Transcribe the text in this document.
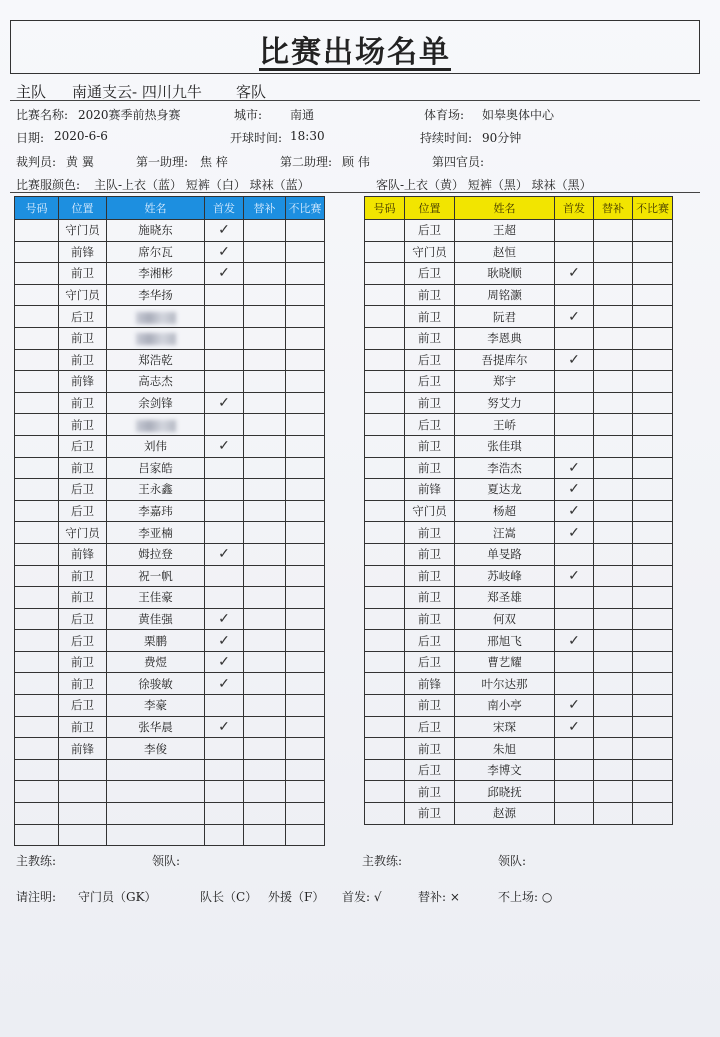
比赛出场名单
主队 南通支云- 四川九牛 客队
比赛名称: 2020赛季前热身赛	城市: 南通	体育场: 如皋奥体中心
日期: 2020-6-6	开球时间: 18:30	持续时间: 90分钟
裁判员: 黄 翼	第一助理: 焦 梓	第二助理: 顾 伟	第四官员:
比赛服颜色: 主队-上衣（蓝） 短裤（白） 球袜（蓝）	客队-上衣（黄） 短裤（黑） 球袜（黑）
号码	位置	姓名	首发	替补	不比赛
	守门员	施晓东	✓		
	前锋	席尔瓦	✓		
	前卫	李湘彬	✓		
	守门员	李华扬			
	后卫				
	前卫				
	前卫	郑浩乾			
	前锋	高志杰			
	前卫	余剑锋	✓		
	前卫				
	后卫	刘伟	✓		
	前卫	吕家皓			
	后卫	王永鑫			
	后卫	李嘉玮			
	守门员	李亚楠			
	前锋	姆拉登	✓		
	前卫	祝一帆			
	前卫	王佳豪			
	后卫	黄佳强	✓		
	后卫	栗鹏	✓		
	前卫	费煜	✓		
	前卫	徐骏敏	✓		
	后卫	李豪			
	前卫	张华晨	✓		
	前锋	李俊			

号码	位置	姓名	首发	替补	不比赛
	后卫	王超			
	守门员	赵恒			
	后卫	耿晓顺	✓		
	前卫	周铭灏			
	前卫	阮君	✓		
	前卫	李恩典			
	后卫	吾提库尔	✓		
	后卫	郑宇			
	前卫	努艾力			
	后卫	王峤			
	前卫	张佳琪			
	前卫	李浩杰	✓		
	前锋	夏达龙	✓		
	守门员	杨超	✓		
	前卫	汪嵩	✓		
	前卫	单旻路			
	前卫	苏岐峰	✓		
	前卫	郑圣雄			
	前卫	何双			
	后卫	邢旭飞	✓		
	后卫	曹艺耀			
	前锋	叶尔达那			
	前卫	南小亭	✓		
	后卫	宋琛	✓		
	前卫	朱旭			
	后卫	李博文			
	前卫	邱晓抚			
	前卫	赵源			
主教练:	领队:	主教练:	领队:
请注明: 守门员（GK）	队长（C） 外援（F） 首发: √	替补: ×	不上场: ○
